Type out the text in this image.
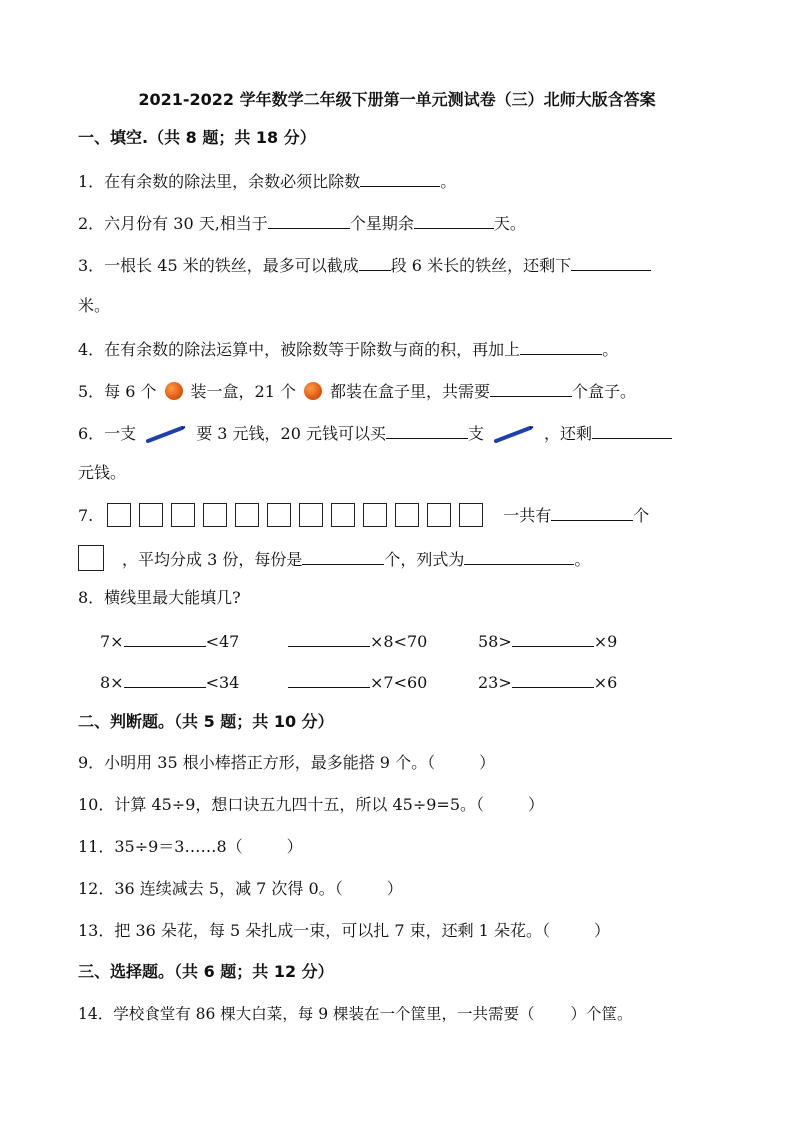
2021-2022 学年数学二年级下册第一单元测试卷（三）北师大版含答案
一、填空.（共 8 题；共 18 分）
1．在有余数的除法里，余数必须比除数	。
2．六月份有 30 天,相当于	个星期余	天。
3．一根长 45 米的铁丝，最多可以截成 段 6 米长的铁丝，还剩下
米。
4．在有余数的除法运算中，被除数等于除数与商的积，再加上	。
5．每 6 个 装一盒，21 个 都装在盒子里，共需要	个盒子。
6．一支	要 3 元钱，20 元钱可以买	支	，还剩
元钱。
7.	一共有	个
，平均分成 3 份，每份是	个，列式为	。
8．横线里最大能填几?
7×	<47	×8<70	58>	×9
8×	<34	×7<60	23>	×6
二、判断题。（共 5 题；共 10 分）
9．小明用 35 根小棒搭正方形，最多能搭 9 个。（	）
10．计算 45÷9，想口诀五九四十五，所以 45÷9=5。（	）
11．35÷9＝3……8（	）
12．36 连续减去 5，减 7 次得 0。（	）
13．把 36 朵花，每 5 朵扎成一束，可以扎 7 束，还剩 1 朵花。（	）
三、选择题。（共 6 题；共 12 分）
14．学校食堂有 86 棵大白菜，每 9 棵装在一个筐里，一共需要（ ）个筐。
